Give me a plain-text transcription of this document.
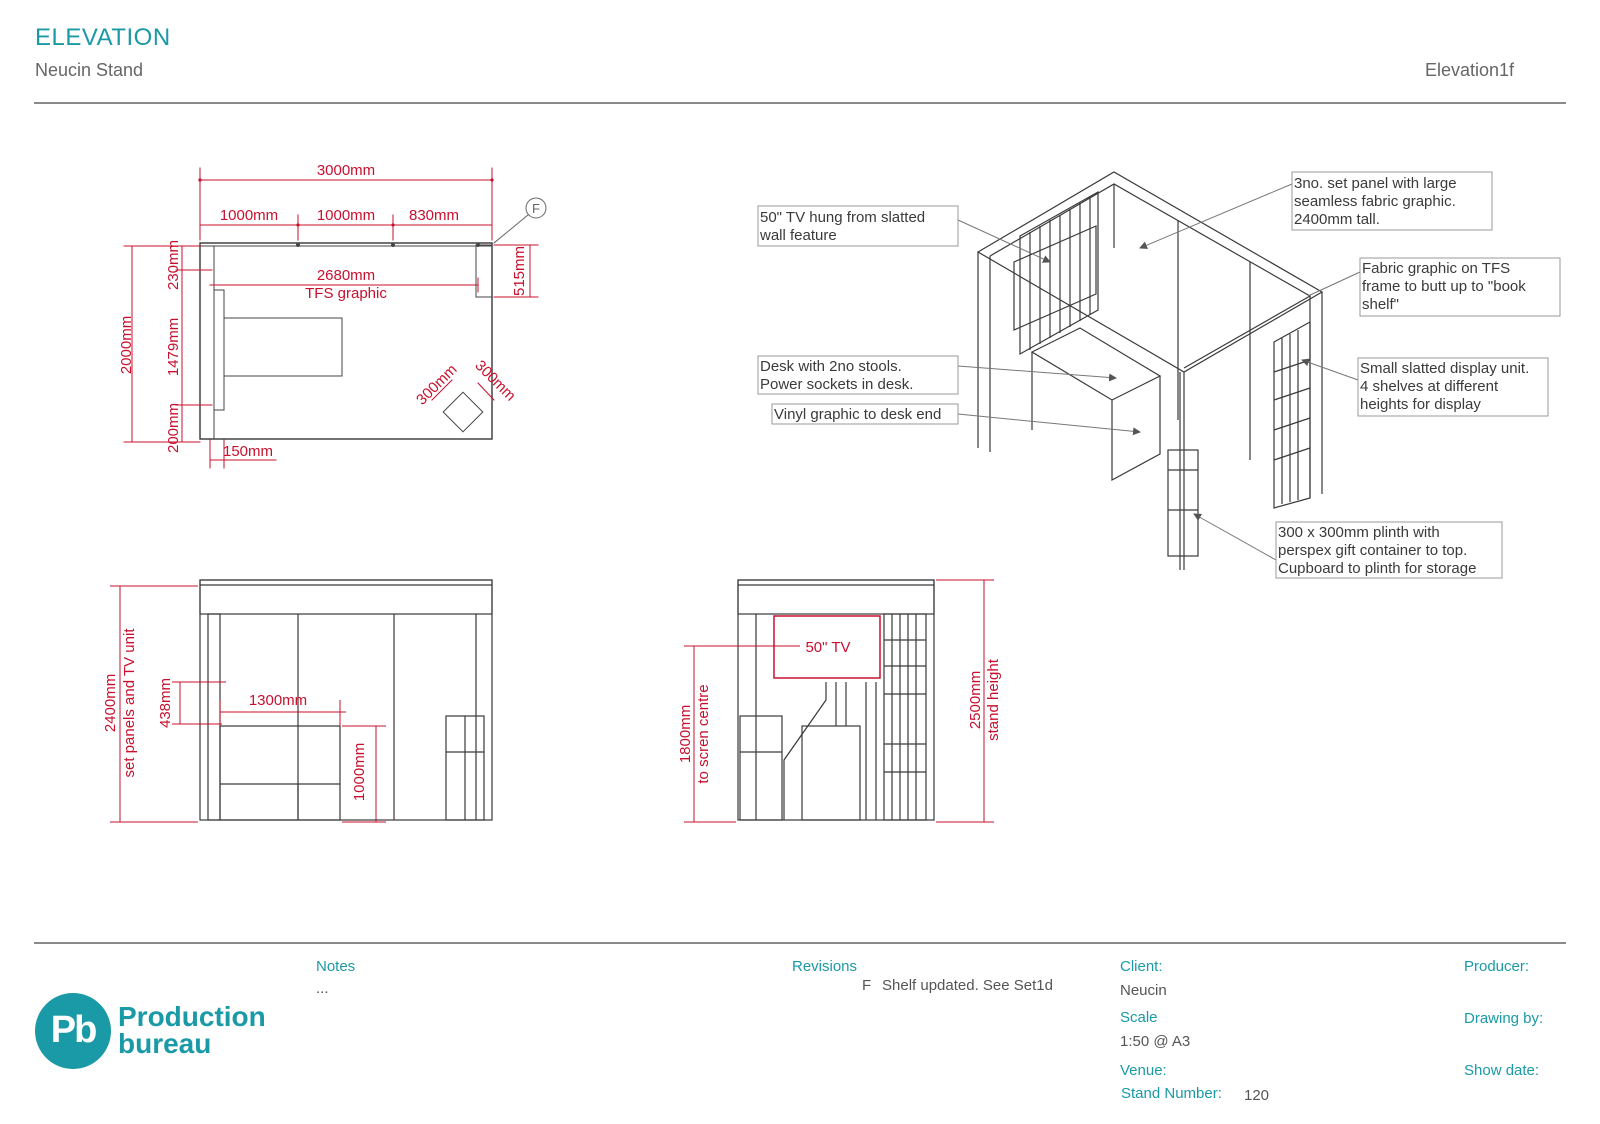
ELEVATION
Neucin Stand	Elevation1f
3000mm
1000mm	1000mm 830mm
2680mm
TFS graphic
2000mm
230mm
1479mm
200mm	150mm
515mm
300mm 300mm
F
50" TV hung from slatted
wall feature
3no. set panel with large
seamless fabric graphic.
2400mm tall.
Fabric graphic on TFS
frame to butt up to "book
shelf"
Desk with 2no stools.
Power sockets in desk.
Vinyl graphic to desk end
Small slatted display unit.
4 shelves at different
heights for display
300 x 300mm plinth with
perspex gift container to top.
Cupboard to plinth for storage
2400mm set panels and TV unit 438mm	1300mm
1000mm
50" TV
1800mm to scren centre	2500mm stand height
Pb Production
bureau
Notes
...
Revisions
F Shelf updated. See Set1d
Client:
Neucin
Scale
1:50 @ A3
Venue:
Stand Number: 120
Producer:
Drawing by:
Show date:
